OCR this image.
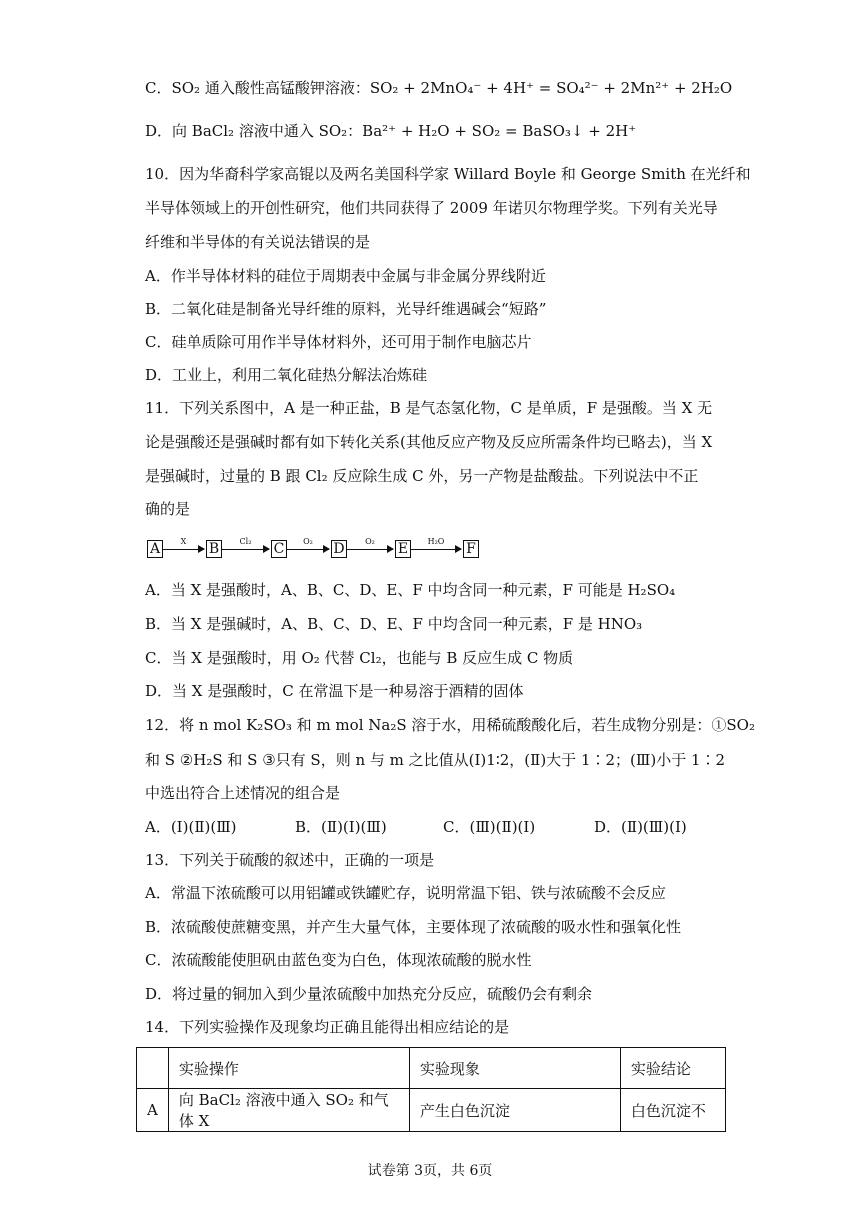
C．SO₂ 通入酸性高锰酸钾溶液：SO₂ + 2MnO₄⁻ + 4H⁺ = SO₄²⁻ + 2Mn²⁺ + 2H₂O
D．向 BaCl₂ 溶液中通入 SO₂：Ba²⁺ + H₂O + SO₂ = BaSO₃↓ + 2H⁺
10．因为华裔科学家高锟以及两名美国科学家 Willard Boyle 和 George Smith 在光纤和
半导体领域上的开创性研究，他们共同获得了 2009 年诺贝尔物理学奖。下列有关光导
纤维和半导体的有关说法错误的是
A．作半导体材料的硅位于周期表中金属与非金属分界线附近
B．二氧化硅是制备光导纤维的原料，光导纤维遇碱会“短路”
C．硅单质除可用作半导体材料外，还可用于制作电脑芯片
D．工业上，利用二氧化硅热分解法冶炼硅
11．下列关系图中，A 是一种正盐，B 是气态氢化物，C 是单质，F 是强酸。当 X 无
论是强酸还是强碱时都有如下转化关系(其他反应产物及反应所需条件均已略去)，当 X
是强碱时，过量的 B 跟 Cl₂ 反应除生成 C 外，另一产物是盐酸盐。下列说法中不正
确的是
A	X	B	Cl₂	C	O₂	D	O₂	E	H₂O	F
A．当 X 是强酸时，A、B、C、D、E、F 中均含同一种元素，F 可能是 H₂SO₄
B．当 X 是强碱时，A、B、C、D、E、F 中均含同一种元素，F 是 HNO₃
C．当 X 是强酸时，用 O₂ 代替 Cl₂，也能与 B 反应生成 C 物质
D．当 X 是强酸时，C 在常温下是一种易溶于酒精的固体
12．将 n mol K₂SO₃ 和 m mol Na₂S 溶于水，用稀硫酸酸化后，若生成物分别是：①SO₂
和 S ②H₂S 和 S ③只有 S，则 n 与 m 之比值从(Ⅰ)1∶2，(Ⅱ)大于 1∶2；(Ⅲ)小于 1∶2
中选出符合上述情况的组合是
A．(Ⅰ)(Ⅱ)(Ⅲ)	B．(Ⅱ)(Ⅰ)(Ⅲ)	C．(Ⅲ)(Ⅱ)(Ⅰ)	D．(Ⅱ)(Ⅲ)(Ⅰ)
13．下列关于硫酸的叙述中，正确的一项是
A．常温下浓硫酸可以用铝罐或铁罐贮存，说明常温下铝、铁与浓硫酸不会反应
B．浓硫酸使蔗糖变黑，并产生大量气体，主要体现了浓硫酸的吸水性和强氧化性
C．浓硫酸能使胆矾由蓝色变为白色，体现浓硫酸的脱水性
D．将过量的铜加入到少量浓硫酸中加热充分反应，硫酸仍会有剩余
14．下列实验操作及现象均正确且能得出相应结论的是
	实验操作	实验现象	实验结论
A	向 BaCl₂ 溶液中通入 SO₂ 和气体 X	产生白色沉淀	白色沉淀不
试卷第 3页，共 6页
